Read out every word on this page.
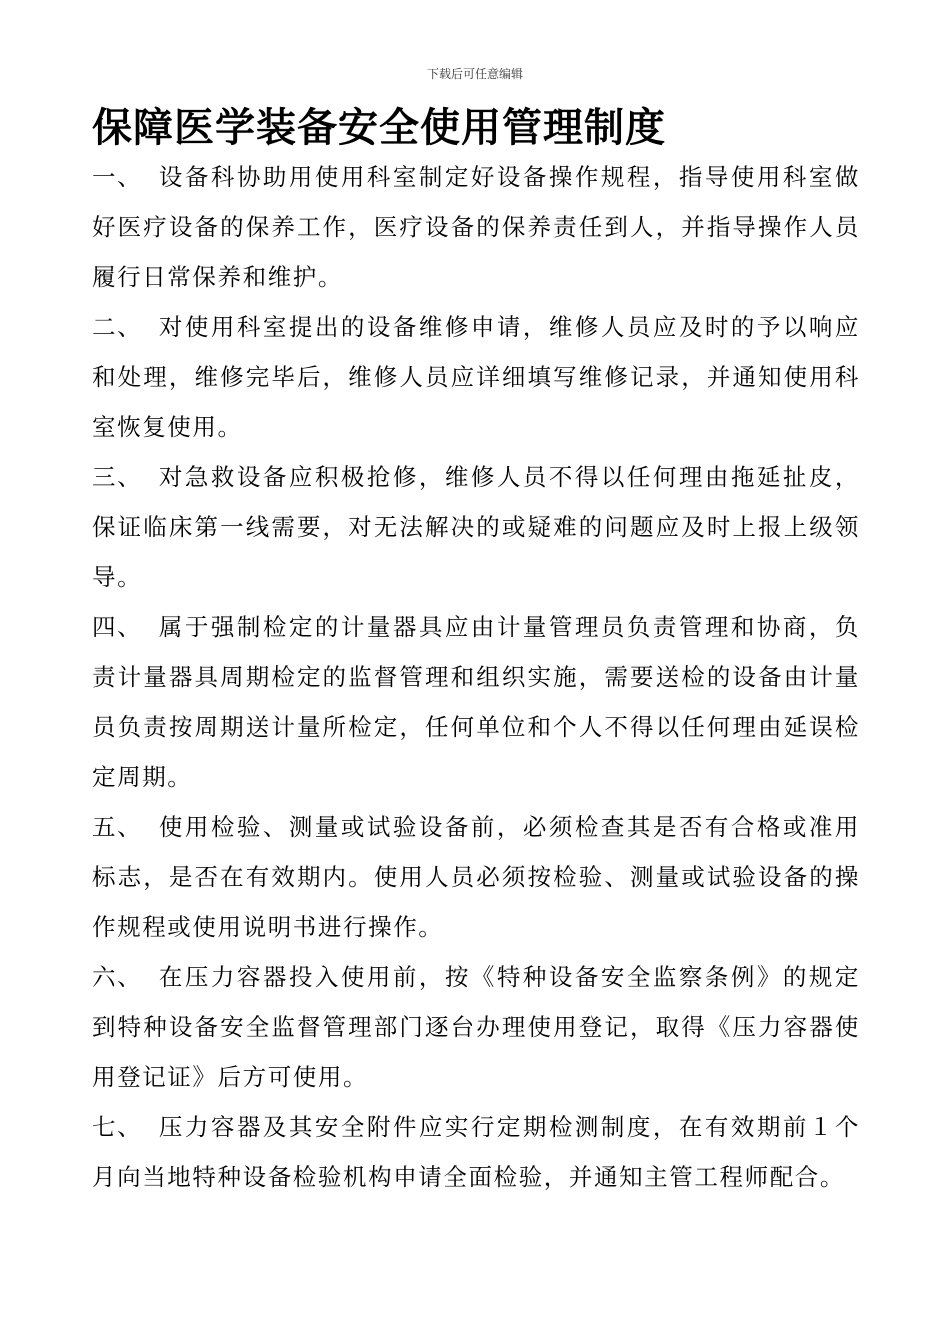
下载后可任意编辑
保障医学装备安全使用管理制度

一、 设备科协助用使用科室制定好设备操作规程，指导使用科室做好医疗设备的保养工作，医疗设备的保养责任到人，并指导操作人员履行日常保养和维护。

二、 对使用科室提出的设备维修申请，维修人员应及时的予以响应和处理，维修完毕后，维修人员应详细填写维修记录，并通知使用科室恢复使用。

三、 对急救设备应积极抢修，维修人员不得以任何理由拖延扯皮，保证临床第一线需要，对无法解决的或疑难的问题应及时上报上级领导。

四、 属于强制检定的计量器具应由计量管理员负责管理和协商，负责计量器具周期检定的监督管理和组织实施，需要送检的设备由计量员负责按周期送计量所检定，任何单位和个人不得以任何理由延误检定周期。

五、 使用检验、测量或试验设备前，必须检查其是否有合格或准用标志，是否在有效期内。使用人员必须按检验、测量或试验设备的操作规程或使用说明书进行操作。

六、 在压力容器投入使用前，按《特种设备安全监察条例》的规定到特种设备安全监督管理部门逐台办理使用登记，取得《压力容器使用登记证》后方可使用。

七、 压力容器及其安全附件应实行定期检测制度，在有效期前１个月向当地特种设备检验机构申请全面检验，并通知主管工程师配合。
